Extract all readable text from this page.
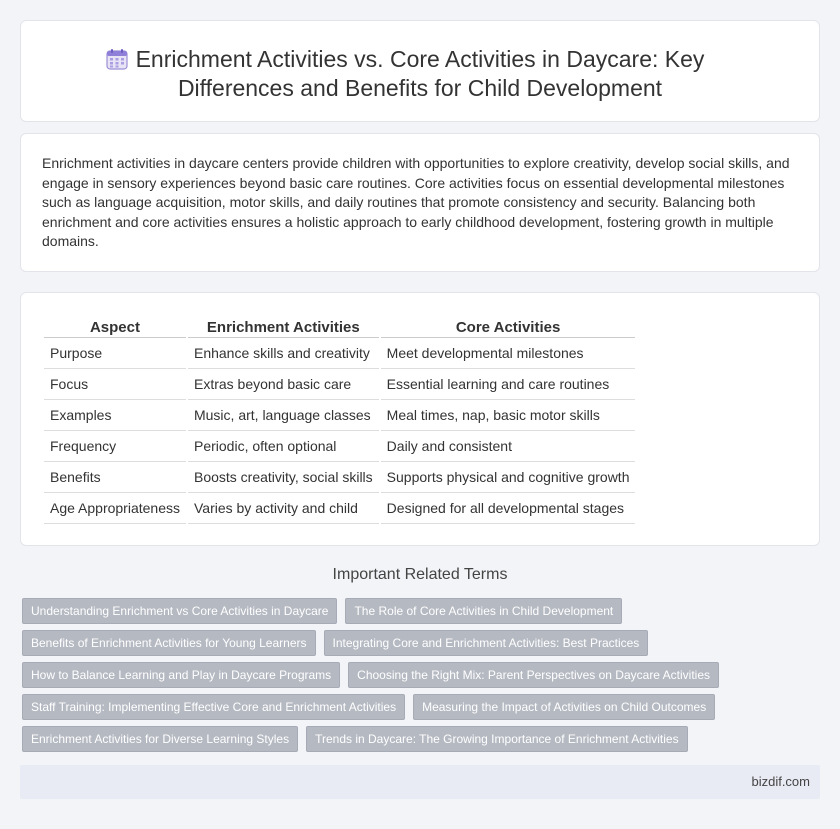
Enrichment Activities vs. Core Activities in Daycare: Key
Differences and Benefits for Child Development

Enrichment activities in daycare centers provide children with opportunities to explore creativity, develop social skills, and engage in sensory experiences beyond basic care routines. Core activities focus on essential developmental milestones such as language acquisition, motor skills, and daily routines that promote consistency and security. Balancing both enrichment and core activities ensures a holistic approach to early childhood development, fostering growth in multiple domains.

Aspect	Enrichment Activities	Core Activities
Purpose	Enhance skills and creativity	Meet developmental milestones
Focus	Extras beyond basic care	Essential learning and care routines
Examples	Music, art, language classes	Meal times, nap, basic motor skills
Frequency	Periodic, often optional	Daily and consistent
Benefits	Boosts creativity, social skills	Supports physical and cognitive growth
Age Appropriateness	Varies by activity and child	Designed for all developmental stages
Important Related Terms
Understanding Enrichment vs Core Activities in Daycare The Role of Core Activities in Child Development
Benefits of Enrichment Activities for Young Learners Integrating Core and Enrichment Activities: Best Practices
How to Balance Learning and Play in Daycare Programs Choosing the Right Mix: Parent Perspectives on Daycare Activities
Staff Training: Implementing Effective Core and Enrichment Activities Measuring the Impact of Activities on Child Outcomes
Enrichment Activities for Diverse Learning Styles Trends in Daycare: The Growing Importance of Enrichment Activities
bizdif.com
